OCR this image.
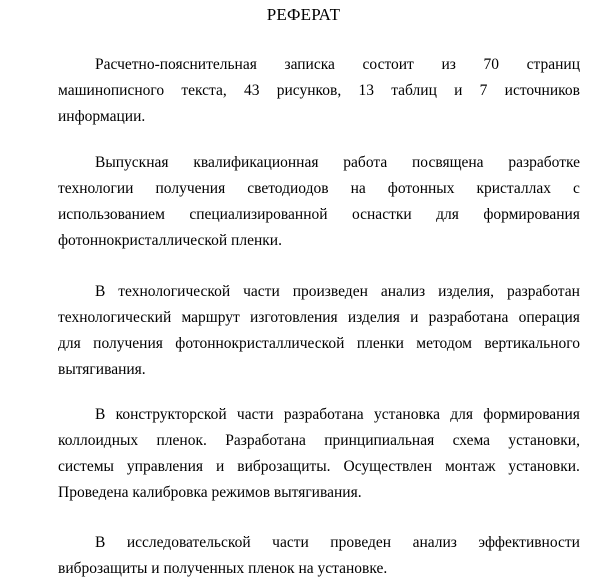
РЕФЕРАТ
Расчетно-пояснительная записка состоит из 70 страниц
машинописного текста, 43 рисунков, 13 таблиц и 7 источников
информации.
Выпускная квалификационная работа посвящена разработке
технологии получения светодиодов на фотонных кристаллах с
использованием специализированной оснастки для формирования
фотоннокристаллической пленки.
В технологической части произведен анализ изделия, разработан
технологический маршрут изготовления изделия и разработана операция
для получения фотоннокристаллической пленки методом вертикального
вытягивания.
В конструкторской части разработана установка для формирования
коллоидных пленок. Разработана принципиальная схема установки,
системы управления и виброзащиты. Осуществлен монтаж установки.
Проведена калибровка режимов вытягивания.
В исследовательской части проведен анализ эффективности
виброзащиты и полученных пленок на установке.
